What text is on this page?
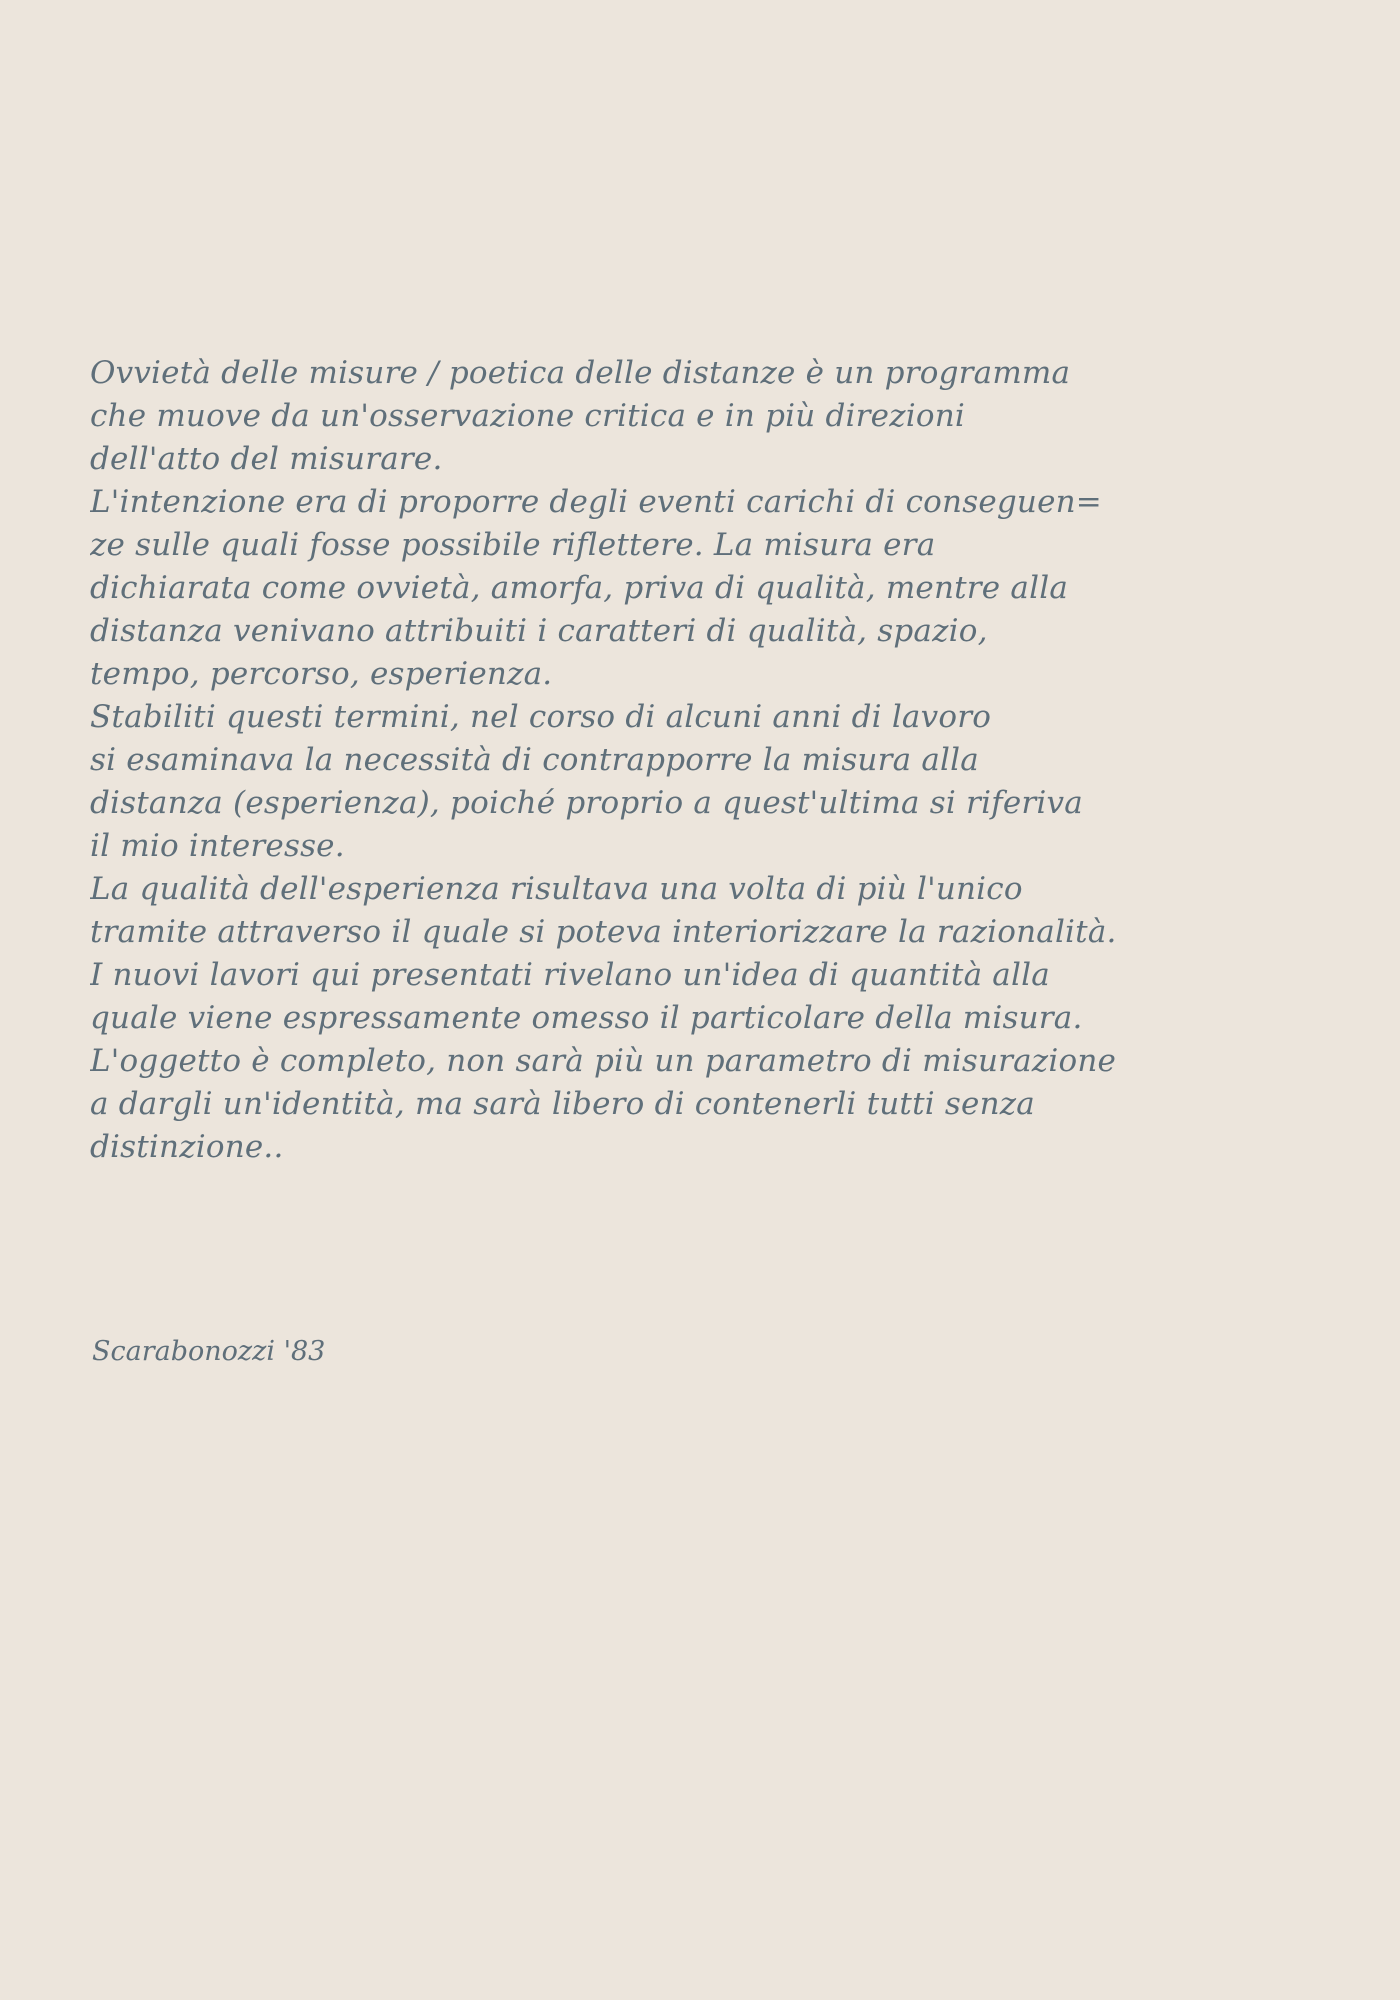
Ovvietà delle misure / poetica delle distanze è un programma
che muove da un'osservazione critica e in più direzioni
dell'atto del misurare.
L'intenzione era di proporre degli eventi carichi di conseguen=
ze sulle quali fosse possibile riflettere. La misura era
dichiarata come ovvietà, amorfa, priva di qualità, mentre alla
distanza venivano attribuiti i caratteri di qualità, spazio,
tempo, percorso, esperienza.
Stabiliti questi termini, nel corso di alcuni anni di lavoro
si esaminava la necessità di contrapporre la misura alla
distanza (esperienza), poiché proprio a quest'ultima si riferiva
il mio interesse.
La qualità dell'esperienza risultava una volta di più l'unico
tramite attraverso il quale si poteva interiorizzare la razionalità.
I nuovi lavori qui presentati rivelano un'idea di quantità alla
quale viene espressamente omesso il particolare della misura.
L'oggetto è completo, non sarà più un parametro di misurazione
a dargli un'identità, ma sarà libero di contenerli tutti senza
distinzione..
Scarabonozzi '83
